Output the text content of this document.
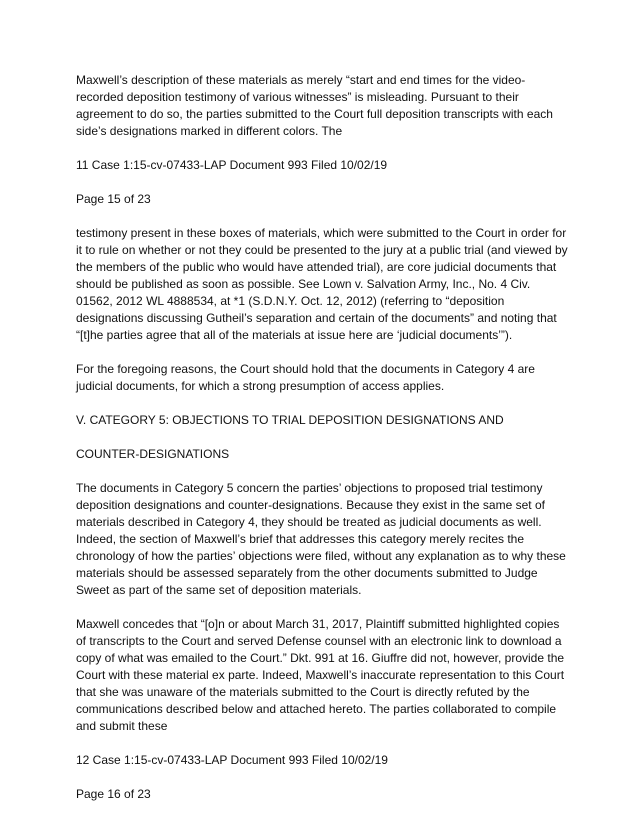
Maxwell’s description of these materials as merely “start and end times for the video-recorded deposition testimony of various witnesses” is misleading. Pursuant to their agreement to do so, the parties submitted to the Court full deposition transcripts with each side’s designations marked in different colors. The

11 Case 1:15-cv-07433-LAP Document 993 Filed 10/02/19

Page 15 of 23

testimony present in these boxes of materials, which were submitted to the Court in order for it to rule on whether or not they could be presented to the jury at a public trial (and viewed by the members of the public who would have attended trial), are core judicial documents that should be published as soon as possible. See Lown v. Salvation Army, Inc., No. 4 Civ. 01562, 2012 WL 4888534, at *1 (S.D.N.Y. Oct. 12, 2012) (referring to “deposition designations discussing Gutheil’s separation and certain of the documents” and noting that “[t]he parties agree that all of the materials at issue here are ‘judicial documents’”).

For the foregoing reasons, the Court should hold that the documents in Category 4 are judicial documents, for which a strong presumption of access applies.

V. CATEGORY 5: OBJECTIONS TO TRIAL DEPOSITION DESIGNATIONS AND

COUNTER-DESIGNATIONS

The documents in Category 5 concern the parties’ objections to proposed trial testimony deposition designations and counter-designations. Because they exist in the same set of materials described in Category 4, they should be treated as judicial documents as well. Indeed, the section of Maxwell’s brief that addresses this category merely recites the chronology of how the parties’ objections were filed, without any explanation as to why these materials should be assessed separately from the other documents submitted to Judge Sweet as part of the same set of deposition materials.

Maxwell concedes that “[o]n or about March 31, 2017, Plaintiff submitted highlighted copies of transcripts to the Court and served Defense counsel with an electronic link to download a copy of what was emailed to the Court.” Dkt. 991 at 16. Giuffre did not, however, provide the Court with these material ex parte. Indeed, Maxwell’s inaccurate representation to this Court that she was unaware of the materials submitted to the Court is directly refuted by the communications described below and attached hereto. The parties collaborated to compile and submit these

12 Case 1:15-cv-07433-LAP Document 993 Filed 10/02/19

Page 16 of 23
